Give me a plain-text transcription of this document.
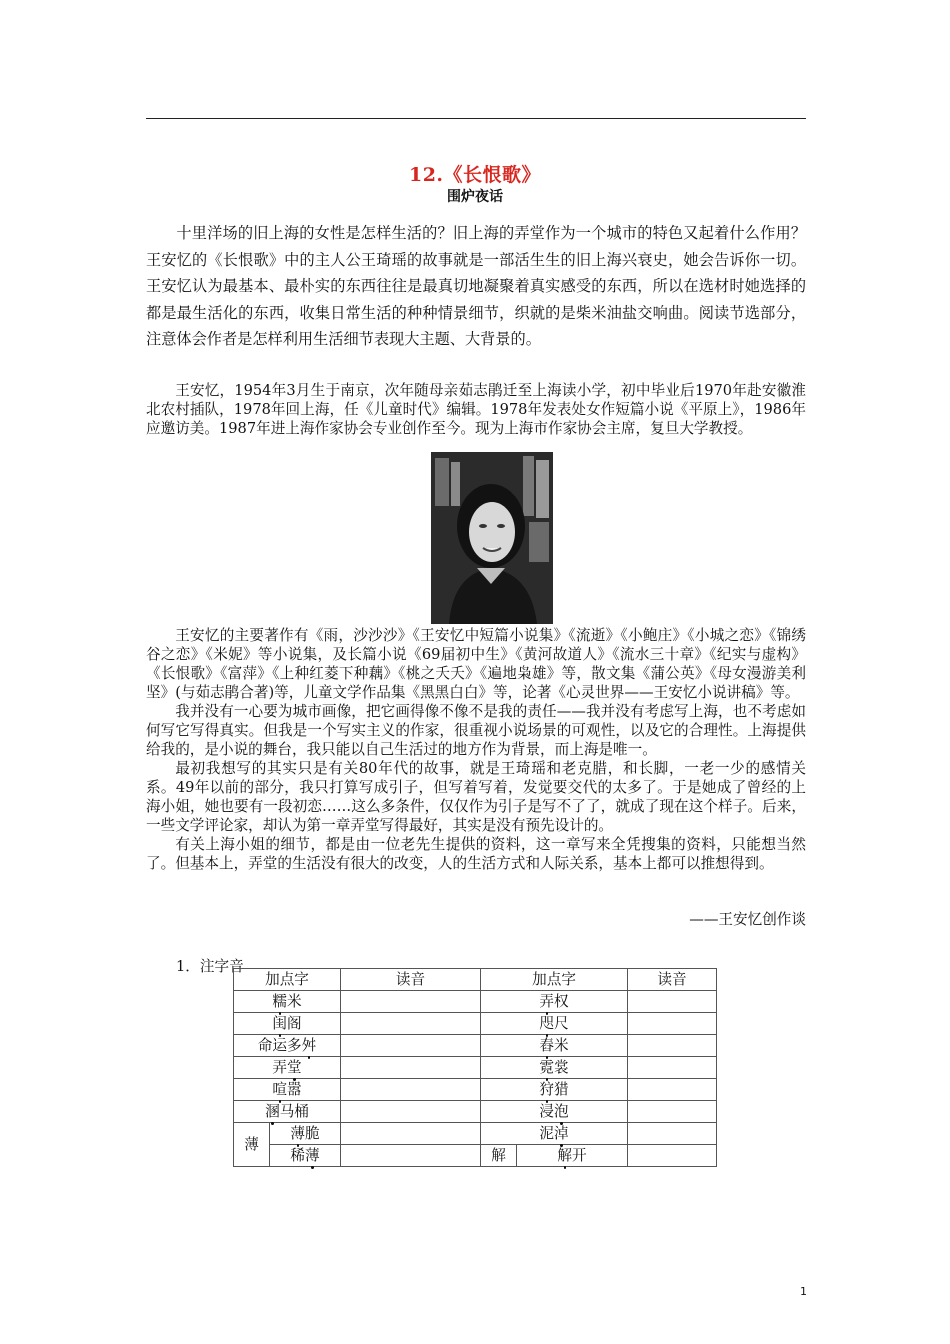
12.《长恨歌》
围炉夜话

十里洋场的旧上海的女性是怎样生活的？旧上海的弄堂作为一个城市的特色又起着什么作用？王安忆的《长恨歌》中的主人公王琦瑶的故事就是一部活生生的旧上海兴衰史，她会告诉你一切。王安忆认为最基本、最朴实的东西往往是最真切地凝聚着真实感受的东西，所以在选材时她选择的都是最生活化的东西，收集日常生活的种种情景细节，织就的是柴米油盐交响曲。阅读节选部分，注意体会作者是怎样利用生活细节表现大主题、大背景的。

王安忆，1954年3月生于南京，次年随母亲茹志鹃迁至上海读小学，初中毕业后1970年赴安徽淮北农村插队，1978年回上海，任《儿童时代》编辑。1978年发表处女作短篇小说《平原上》，1986年应邀访美。1987年进上海作家协会专业创作至今。现为上海市作家协会主席，复旦大学教授。

王安忆的主要著作有《雨，沙沙沙》《王安忆中短篇小说集》《流逝》《小鲍庄》《小城之恋》《锦绣谷之恋》《米妮》等小说集，及长篇小说《69届初中生》《黄河故道人》《流水三十章》《纪实与虚构》《长恨歌》《富萍》《上种红菱下种藕》《桃之夭夭》《遍地枭雄》等，散文集《蒲公英》《母女漫游美利坚》(与茹志鹃合著)等，儿童文学作品集《黑黑白白》等，论著《心灵世界——王安忆小说讲稿》等。

我并没有一心要为城市画像，把它画得像不像不是我的责任——我并没有考虑写上海，也不考虑如何写它写得真实。但我是一个写实主义的作家，很重视小说场景的可观性，以及它的合理性。上海提供给我的，是小说的舞台，我只能以自己生活过的地方作为背景，而上海是唯一。

最初我想写的其实只是有关80年代的故事，就是王琦瑶和老克腊，和长脚，一老一少的感情关系。49年以前的部分，我只打算写成引子，但写着写着，发觉要交代的太多了。于是她成了曾经的上海小姐，她也要有一段初恋……这么多条件，仅仅作为引子是写不了了，就成了现在这个样子。后来，一些文学评论家，却认为第一章弄堂写得最好，其实是没有预先设计的。

有关上海小姐的细节，都是由一位老先生提供的资料，这一章写来全凭搜集的资料，只能想当然了。但基本上，弄堂的生活没有很大的改变，人的生活方式和人际关系，基本上都可以推想得到。

——王安忆创作谈
1．注字音
加点字		读音	加点字		读音
糯米			弄权		
闺阁			咫尺		
命运多舛			舂米		
弄堂			霓裳		
喧嚣			狩猎		
溷马桶			浸泡		
薄	薄脆		泥淖		
	稀薄		解	解开	
1
